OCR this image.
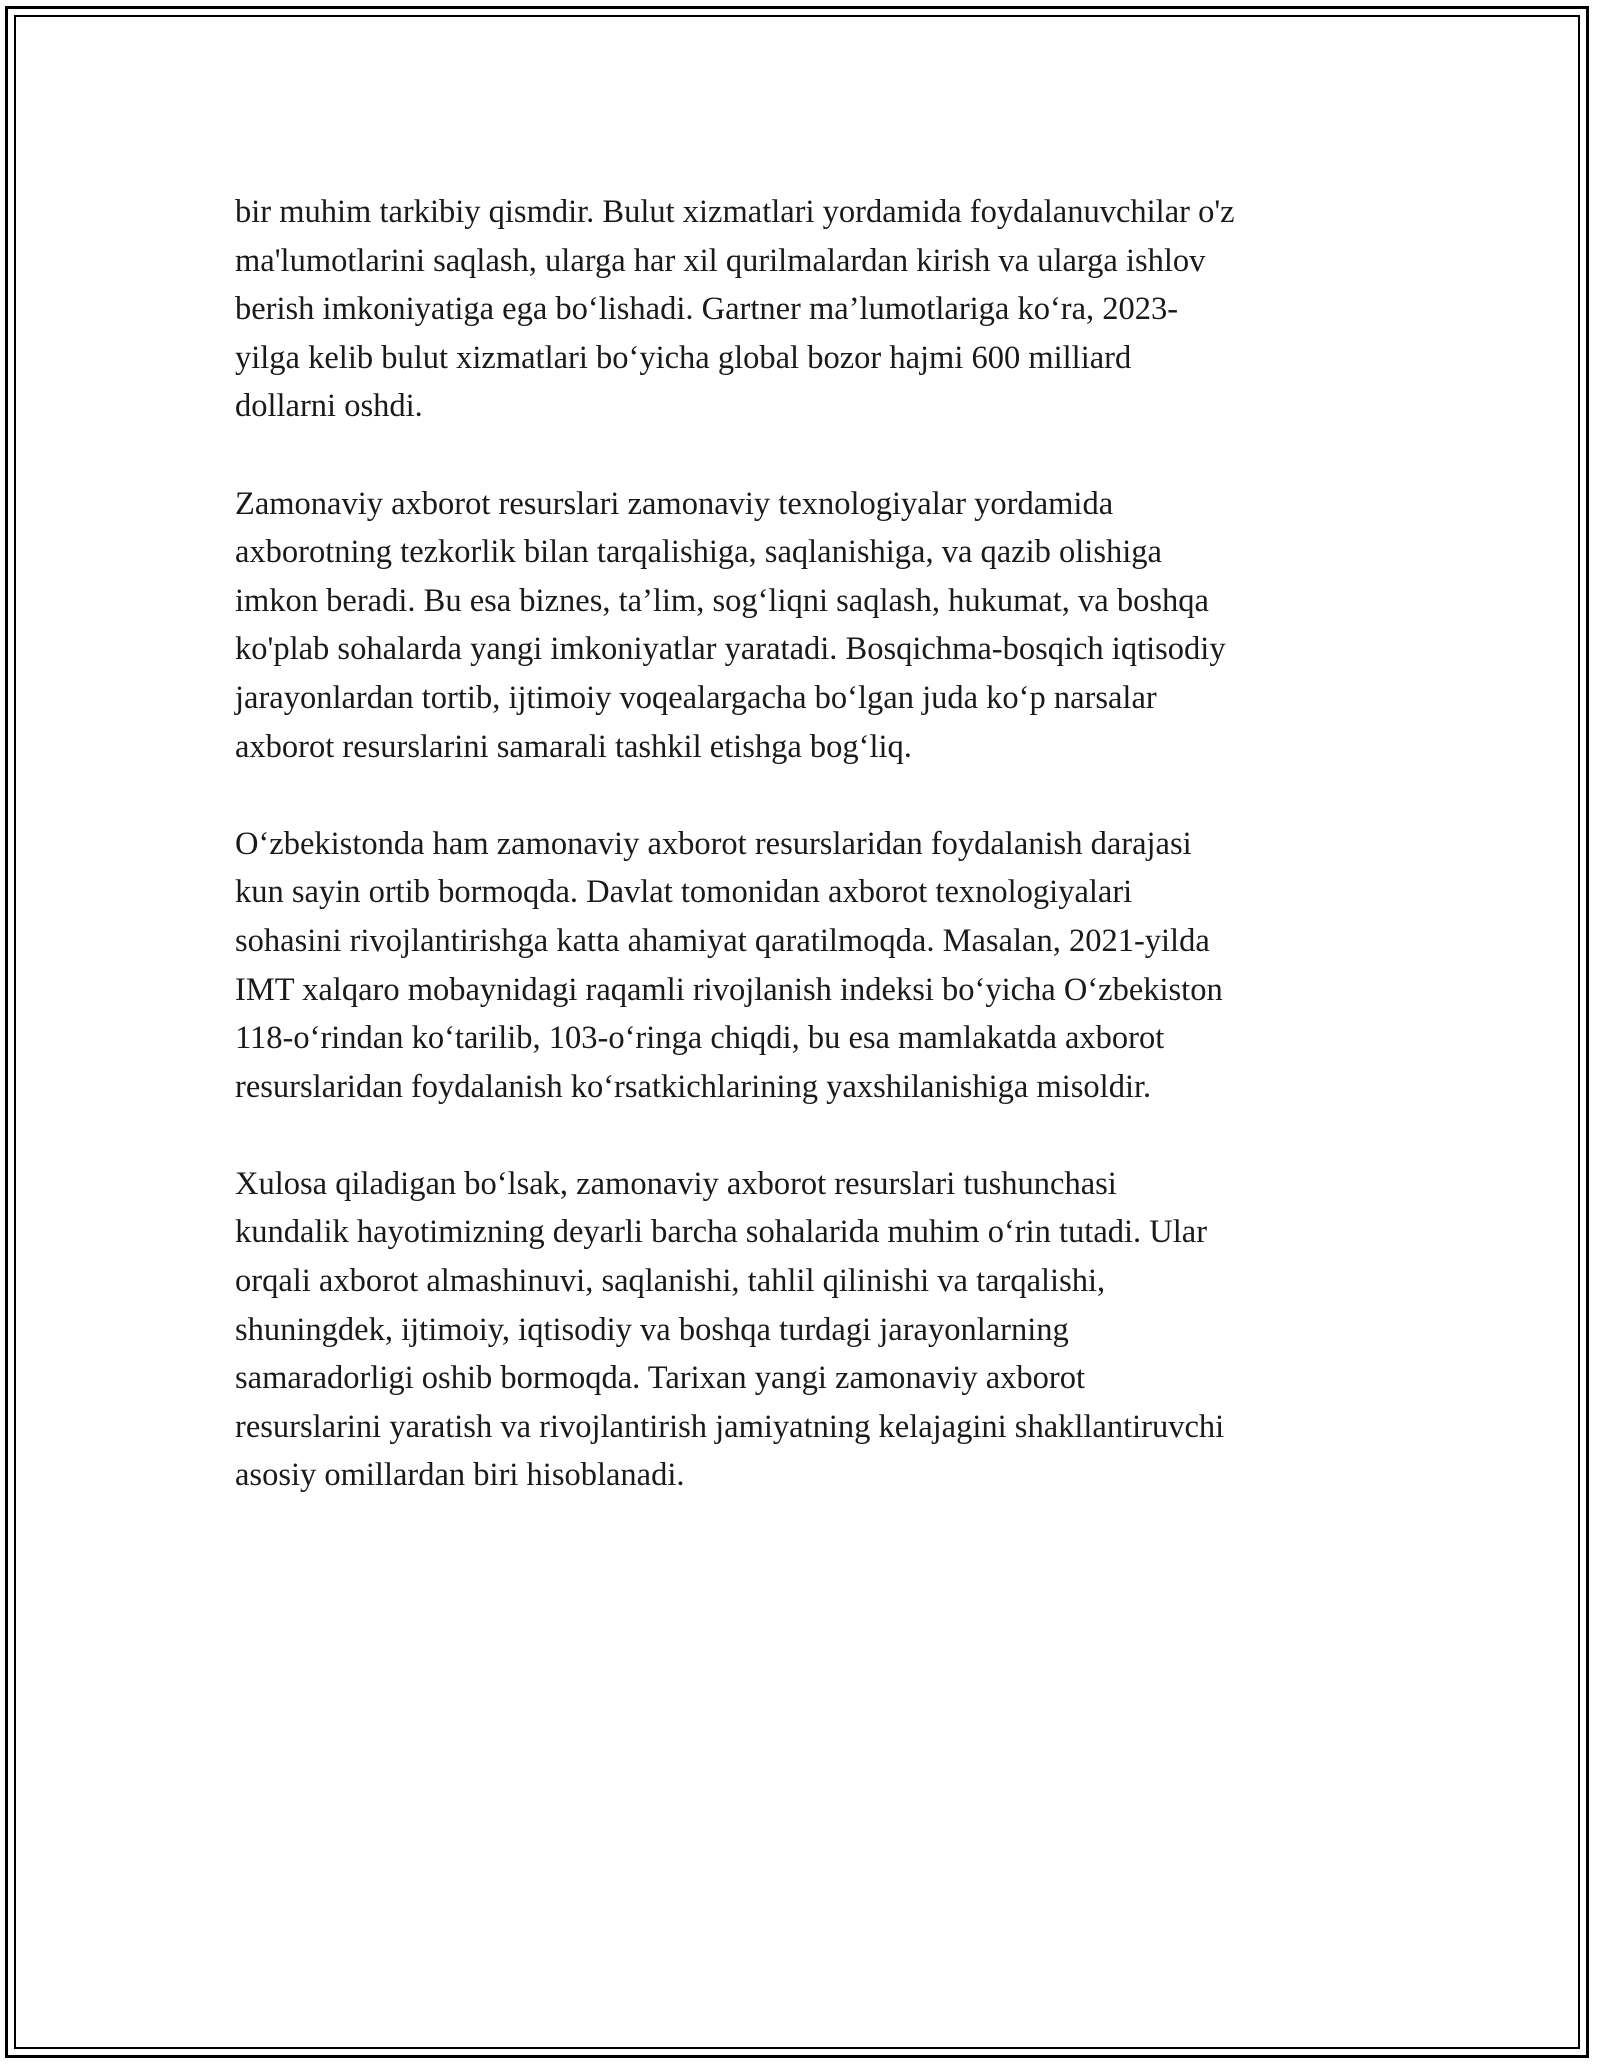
bir muhim tarkibiy qismdir. Bulut xizmatlari yordamida foydalanuvchilar o'z
ma'lumotlarini saqlash, ularga har xil qurilmalardan kirish va ularga ishlov
berish imkoniyatiga ega bo‘lishadi. Gartner ma’lumotlariga ko‘ra, 2023-
yilga kelib bulut xizmatlari bo‘yicha global bozor hajmi 600 milliard
dollarni oshdi.

Zamonaviy axborot resurslari zamonaviy texnologiyalar yordamida
axborotning tezkorlik bilan tarqalishiga, saqlanishiga, va qazib olishiga
imkon beradi. Bu esa biznes, ta’lim, sog‘liqni saqlash, hukumat, va boshqa
ko'plab sohalarda yangi imkoniyatlar yaratadi. Bosqichma-bosqich iqtisodiy
jarayonlardan tortib, ijtimoiy voqealargacha bo‘lgan juda ko‘p narsalar
axborot resurslarini samarali tashkil etishga bog‘liq.

O‘zbekistonda ham zamonaviy axborot resurslaridan foydalanish darajasi
kun sayin ortib bormoqda. Davlat tomonidan axborot texnologiyalari
sohasini rivojlantirishga katta ahamiyat qaratilmoqda. Masalan, 2021-yilda
IMT xalqaro mobaynidagi raqamli rivojlanish indeksi bo‘yicha O‘zbekiston
118-o‘rindan ko‘tarilib, 103-o‘ringa chiqdi, bu esa mamlakatda axborot
resurslaridan foydalanish ko‘rsatkichlarining yaxshilanishiga misoldir.

Xulosa qiladigan bo‘lsak, zamonaviy axborot resurslari tushunchasi
kundalik hayotimizning deyarli barcha sohalarida muhim o‘rin tutadi. Ular
orqali axborot almashinuvi, saqlanishi, tahlil qilinishi va tarqalishi,
shuningdek, ijtimoiy, iqtisodiy va boshqa turdagi jarayonlarning
samaradorligi oshib bormoqda. Tarixan yangi zamonaviy axborot
resurslarini yaratish va rivojlantirish jamiyatning kelajagini shakllantiruvchi
asosiy omillardan biri hisoblanadi.
